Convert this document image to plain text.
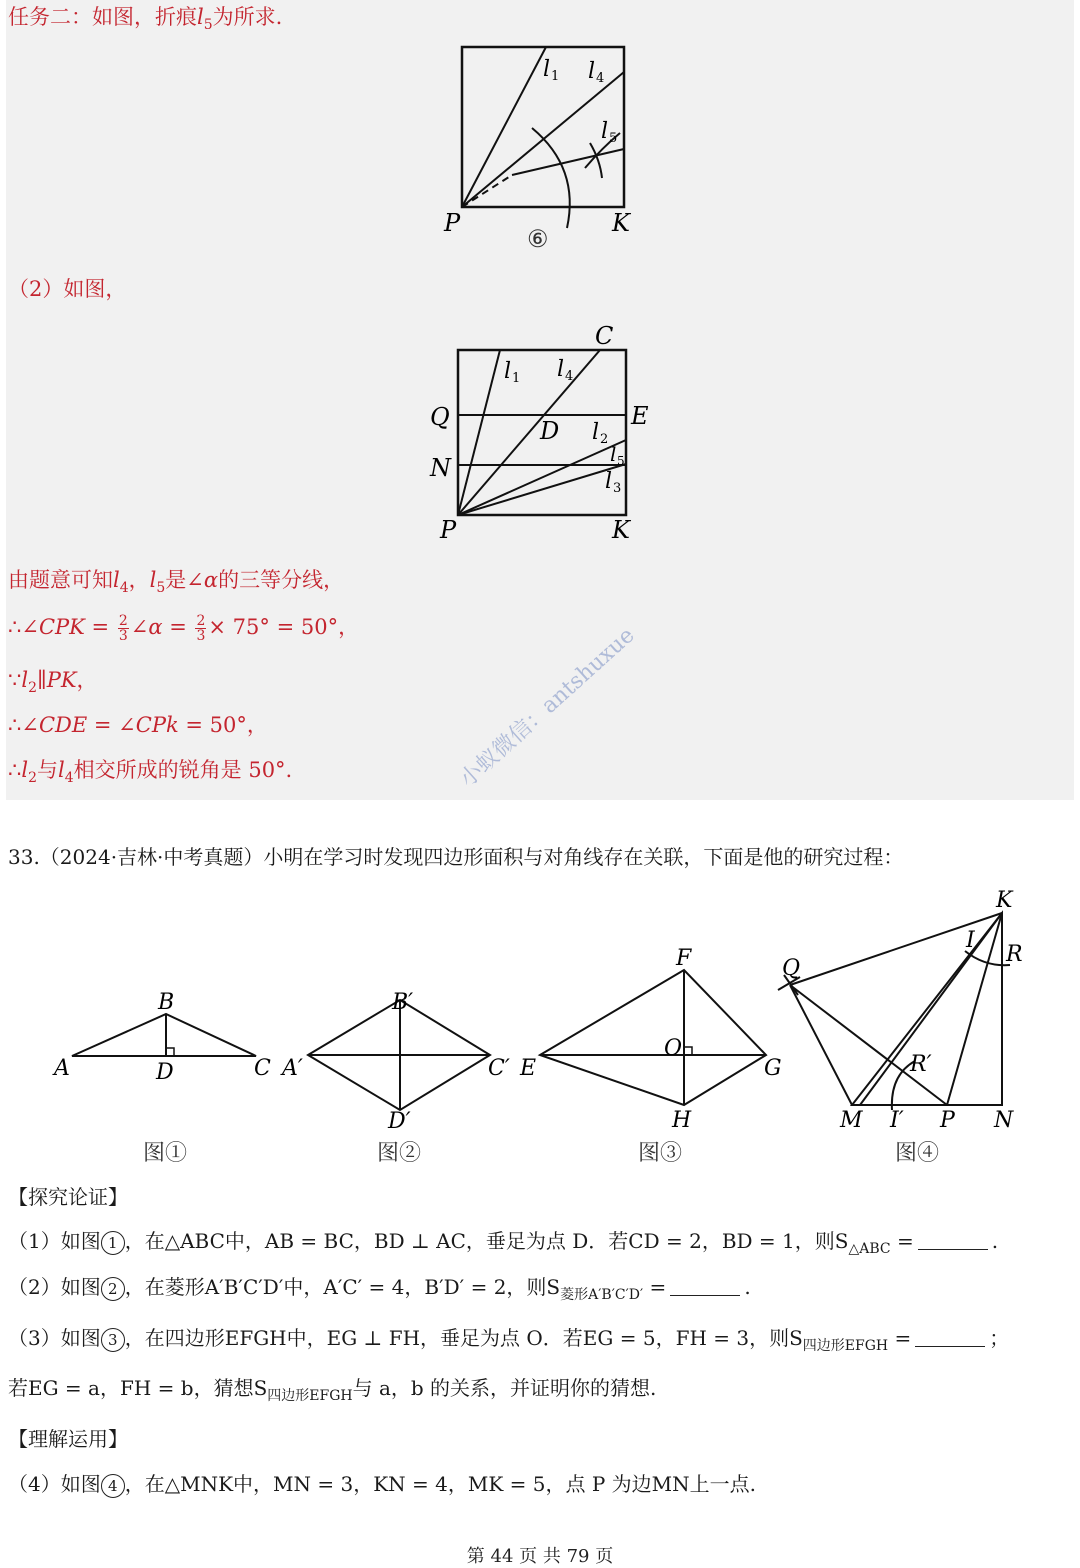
任务二：如图，折痕$l_5$为所求.
l 1 l 4
l 5
P	K
⑥
（2）如图，
C
l 1 l 4
Q	E
D l 2
N	l 5
l 3
P	K
由题意可知$l_4$，$l_5$是∠α的三等分线，
∴∠CPK = $\frac{2}{3}$ ∠α = $\frac{2}{3} \times 75^\circ = 50^\circ$，
$\because l_2\parallel PK$，
∴∠CDE = ∠CPk = 50°，
$\therefore l_2$与$l_4$相交所成的锐角是 50°.	小蚁微信：antshuxue
33.（2024·吉林·中考真题）小明在学习时发现四边形面积与对角线存在关联，下面是他的研究过程：
B
A	D	C
B′
A′	C′
D′
F
E
O
G
H
K
Q
I
R
R′
M I′ P N
图①	图②	图③	图④
【探究论证】
（1）如图 1 ，在△ABC中，AB = BC，BD ⊥ AC，垂足为点 D．若CD = 2，BD = 1，则$S_{\triangle ABC}$ =	.
（2）如图 2 ，在菱形A′B′C′D′中，A′C′ = 4，B′D′ = 2，则$S_{菱形A'B'C'D'}$ =	.
（3）如图 3 ，在四边形EFGH中，EG ⊥ FH，垂足为点 O．若EG = 5，FH = 3，则$S_{四边形EFGH}$ =	；
若EG = a，FH = b，猜想$S_{四边形EFGH}$与 a，b 的关系，并证明你的猜想.
【理解运用】
（4）如图 4 ，在△MNK中，MN = 3，KN = 4，MK = 5，点 P 为边MN上一点.
第 44 页 共 79 页
